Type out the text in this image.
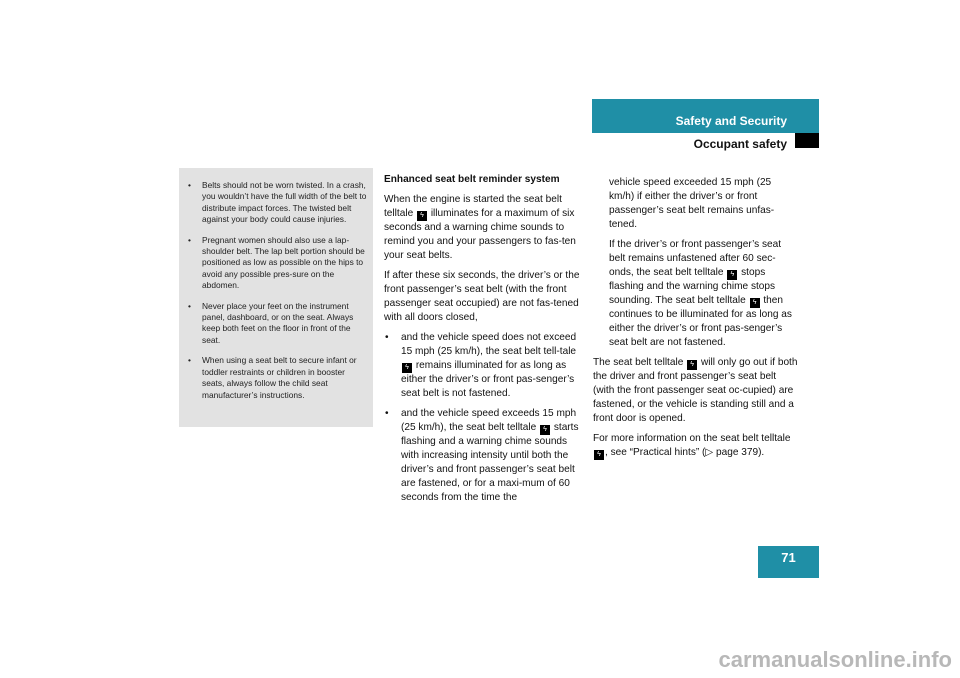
Safety and Security
Occupant safety
• Belts should not be worn twisted. In a crash, you wouldn’t have the full width of the belt to distribute impact forces. The twisted belt against your body could cause injuries.
• Pregnant women should also use a lap-shoulder belt. The lap belt portion should be positioned as low as possible on the hips to avoid any possible pres-sure on the abdomen.
• Never place your feet on the instrument panel, dashboard, or on the seat. Always keep both feet on the floor in front of the seat.
• When using a seat belt to secure infant or toddler restraints or children in booster seats, always follow the child seat manufacturer’s instructions.
Enhanced seat belt reminder system

When the engine is started the seat belt telltale ϟ illuminates for a maximum of six seconds and a warning chime sounds to remind you and your passengers to fas-ten your seat belts.

If after these six seconds, the driver’s or the front passenger’s seat belt (with the front passenger seat occupied) are not fas-tened with all doors closed,

• and the vehicle speed does not exceed 15 mph (25 km/h), the seat belt tell-tale ϟ remains illuminated for as long as either the driver’s or front pas-senger’s seat belt is not fastened.
• and the vehicle speed exceeds 15 mph (25 km/h), the seat belt telltale ϟ starts flashing and a warning chime sounds with increasing intensity until both the driver’s and front passenger’s seat belt are fastened, or for a maxi-mum of 60 seconds from the time the

vehicle speed exceeded 15 mph (25 km/h) if either the driver’s or front passenger’s seat belt remains unfas-tened.

If the driver’s or front passenger’s seat belt remains unfastened after 60 sec-onds, the seat belt telltale ϟ stops flashing and the warning chime stops sounding. The seat belt telltale ϟ then continues to be illuminated for as long as either the driver’s or front pas-senger’s seat belt are not fastened.

The seat belt telltale ϟ will only go out if both the driver and front passenger’s seat belt (with the front passenger seat oc-cupied) are fastened, or the vehicle is standing still and a front door is opened.

For more information on the seat belt telltale ϟ , see “Practical hints” (▷ page 379).

71
carmanualsonline.info
